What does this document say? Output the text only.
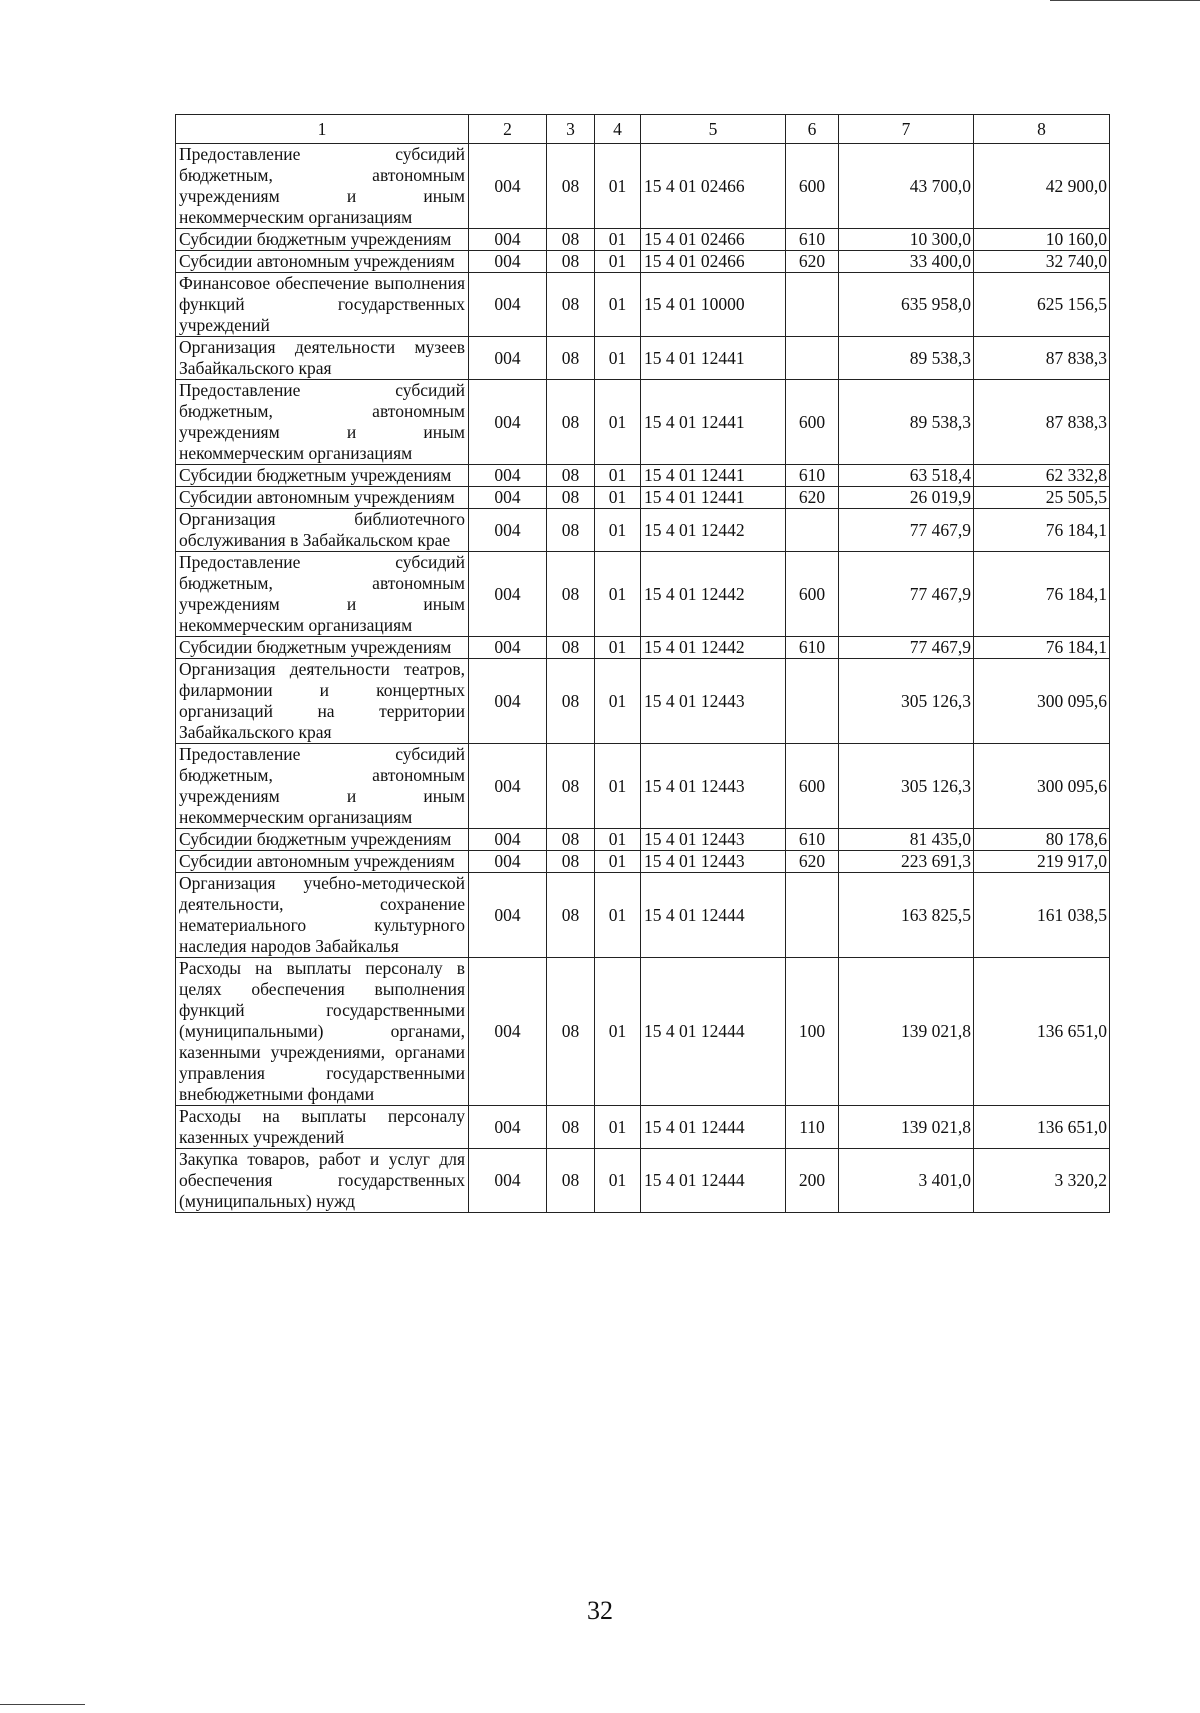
1	2	3	4	5	6	7	8
Предоставление субсидий бюджетным, автономным учреждениям и иным некоммерческим организациям	004	08	01	15 4 01 02466	600	43 700,0	42 900,0
Субсидии бюджетным учреждениям	004	08	01	15 4 01 02466	610	10 300,0	10 160,0
Субсидии автономным учреждениям	004	08	01	15 4 01 02466	620	33 400,0	32 740,0
Финансовое обеспечение выполнения функций государственных учреждений	004	08	01	15 4 01 10000		635 958,0	625 156,5
Организация деятельности музеев Забайкальского края	004	08	01	15 4 01 12441		89 538,3	87 838,3
Предоставление субсидий бюджетным, автономным учреждениям и иным некоммерческим организациям	004	08	01	15 4 01 12441	600	89 538,3	87 838,3
Субсидии бюджетным учреждениям	004	08	01	15 4 01 12441	610	63 518,4	62 332,8
Субсидии автономным учреждениям	004	08	01	15 4 01 12441	620	26 019,9	25 505,5
Организация библиотечного обслуживания в Забайкальском крае	004	08	01	15 4 01 12442		77 467,9	76 184,1
Предоставление субсидий бюджетным, автономным учреждениям и иным некоммерческим организациям	004	08	01	15 4 01 12442	600	77 467,9	76 184,1
Субсидии бюджетным учреждениям	004	08	01	15 4 01 12442	610	77 467,9	76 184,1
Организация деятельности театров, филармонии и концертных организаций на территории Забайкальского края	004	08	01	15 4 01 12443		305 126,3	300 095,6
Предоставление субсидий бюджетным, автономным учреждениям и иным некоммерческим организациям	004	08	01	15 4 01 12443	600	305 126,3	300 095,6
Субсидии бюджетным учреждениям	004	08	01	15 4 01 12443	610	81 435,0	80 178,6
Субсидии автономным учреждениям	004	08	01	15 4 01 12443	620	223 691,3	219 917,0
Организация учебно-методической деятельности, сохранение нематериального культурного наследия народов Забайкалья	004	08	01	15 4 01 12444		163 825,5	161 038,5
Расходы на выплаты персоналу в целях обеспечения выполнения функций государственными (муниципальными) органами, казенными учреждениями, органами управления государственными внебюджетными фондами	004	08	01	15 4 01 12444	100	139 021,8	136 651,0
Расходы на выплаты персоналу казенных учреждений	004	08	01	15 4 01 12444	110	139 021,8	136 651,0
Закупка товаров, работ и услуг для обеспечения государственных (муниципальных) нужд	004	08	01	15 4 01 12444	200	3 401,0	3 320,2
32
